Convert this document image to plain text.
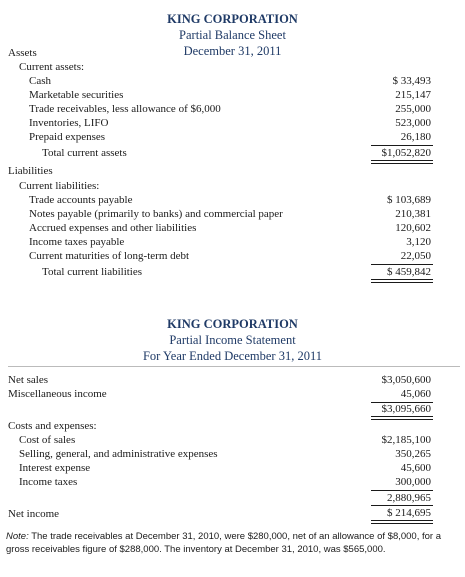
KING CORPORATION
Partial Balance Sheet
December 31, 2011
Assets
Current assets:
Cash	$ 33,493
Marketable securities	215,147
Trade receivables, less allowance of $6,000	255,000
Inventories, LIFO	523,000
Prepaid expenses	26,180
Total current assets	$1,052,820
Liabilities
Current liabilities:
Trade accounts payable	$ 103,689
Notes payable (primarily to banks) and commercial paper	210,381
Accrued expenses and other liabilities	120,602
Income taxes payable	3,120
Current maturities of long-term debt	22,050
Total current liabilities	$ 459,842
KING CORPORATION
Partial Income Statement
For Year Ended December 31, 2011
Net sales	$3,050,600
Miscellaneous income	45,060
$3,095,660
Costs and expenses:
Cost of sales	$2,185,100
Selling, general, and administrative expenses	350,265
Interest expense	45,600
Income taxes	300,000
2,880,965
Net income	$ 214,695
Note: The trade receivables at December 31, 2010, were $280,000, net of an allowance of $8,000, for a gross receivables figure of $288,000. The inventory at December 31, 2010, was $565,000.
